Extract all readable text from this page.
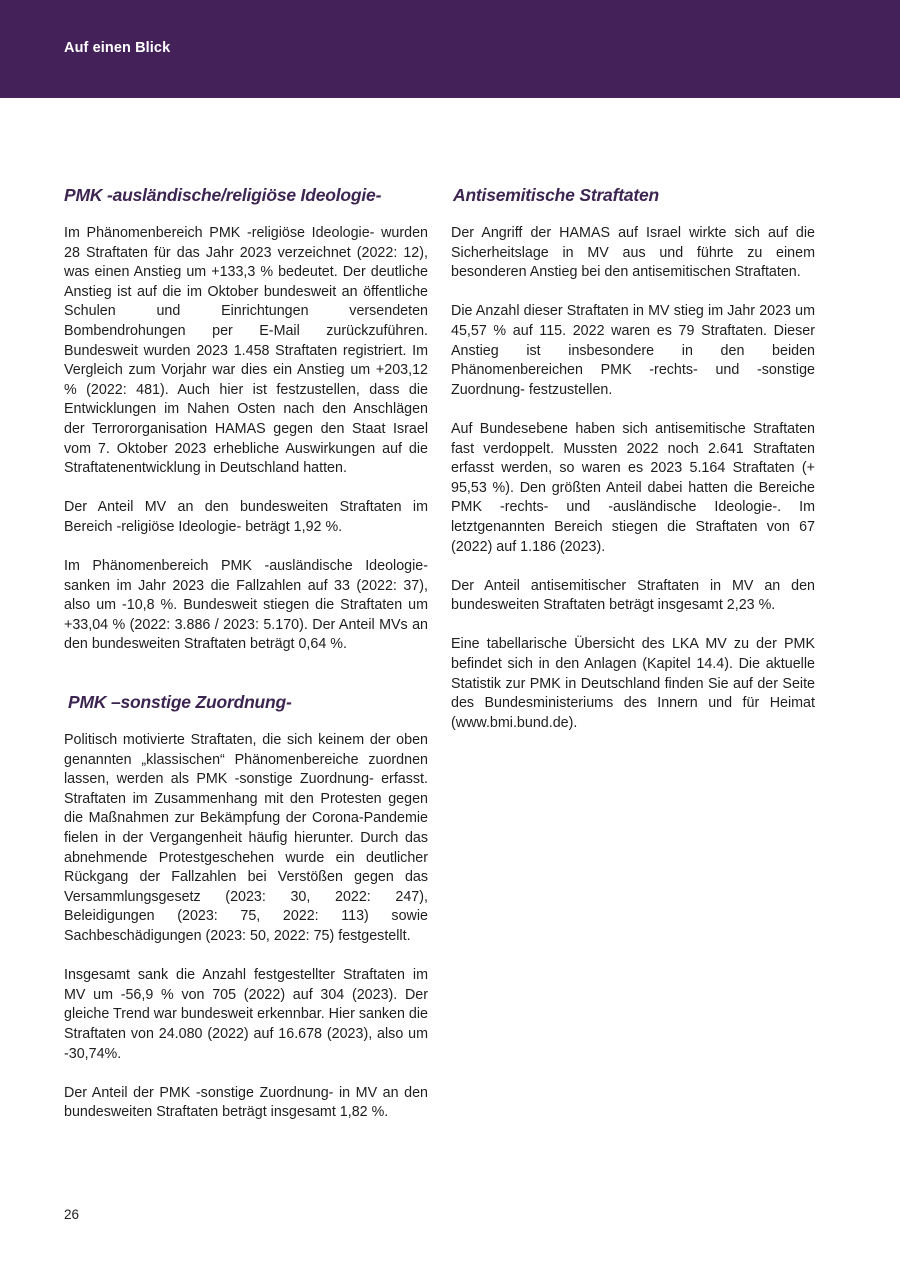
Auf einen Blick
PMK -ausländische/religiöse Ideologie-

Im Phänomenbereich PMK -religiöse Ideologie- wurden 28 Straftaten für das Jahr 2023 verzeichnet (2022: 12), was einen Anstieg um +133,3 % bedeutet. Der deutliche Anstieg ist auf die im Oktober bundesweit an öffentliche Schulen und Einrichtungen versendeten Bombendrohungen per E-Mail zurückzuführen. Bundesweit wurden 2023 1.458 Straftaten registriert. Im Vergleich zum Vorjahr war dies ein Anstieg um +203,12 % (2022: 481). Auch hier ist festzustellen, dass die Entwicklungen im Nahen Osten nach den Anschlägen der Terrororganisation HAMAS gegen den Staat Israel vom 7. Oktober 2023 erhebliche Auswirkungen auf die Straftatenentwicklung in Deutschland hatten.

Der Anteil MV an den bundesweiten Straftaten im Bereich -religiöse Ideologie- beträgt 1,92 %.

Im Phänomenbereich PMK -ausländische Ideologie- sanken im Jahr 2023 die Fallzahlen auf 33 (2022: 37), also um -10,8 %. Bundesweit stiegen die Straftaten um +33,04 % (2022: 3.886 / 2023: 5.170). Der Anteil MVs an den bundesweiten Straftaten beträgt 0,64 %.

PMK –sonstige Zuordnung-

Politisch motivierte Straftaten, die sich keinem der oben genannten „klassischen“ Phänomenbereiche zuordnen lassen, werden als PMK -sonstige Zuordnung- erfasst. Straftaten im Zusammenhang mit den Protesten gegen die Maßnahmen zur Bekämpfung der Corona-Pandemie fielen in der Vergangenheit häufig hierunter. Durch das abnehmende Protestgeschehen wurde ein deutlicher Rückgang der Fallzahlen bei Verstößen gegen das Versammlungsgesetz (2023: 30, 2022: 247), Beleidigungen (2023: 75, 2022: 113) sowie Sachbeschädigungen (2023: 50, 2022: 75) festgestellt.

Insgesamt sank die Anzahl festgestellter Straftaten im MV um -56,9 % von 705 (2022) auf 304 (2023). Der gleiche Trend war bundesweit erkennbar. Hier sanken die Straftaten von 24.080 (2022) auf 16.678 (2023), also um -30,74%.

Der Anteil der PMK -sonstige Zuordnung- in MV an den bundesweiten Straftaten beträgt insgesamt 1,82 %.

Antisemitische Straftaten

Der Angriff der HAMAS auf Israel wirkte sich auf die Sicherheitslage in MV aus und führte zu einem besonderen Anstieg bei den antisemitischen Straftaten.

Die Anzahl dieser Straftaten in MV stieg im Jahr 2023 um 45,57 % auf 115. 2022 waren es 79 Straftaten. Dieser Anstieg ist insbesondere in den beiden Phänomenbereichen PMK -rechts- und -sonstige Zuordnung- festzustellen.

Auf Bundesebene haben sich antisemitische Straftaten fast verdoppelt. Mussten 2022 noch 2.641 Straftaten erfasst werden, so waren es 2023 5.164 Straftaten (+ 95,53 %). Den größten Anteil dabei hatten die Bereiche PMK -rechts- und -ausländische Ideologie-. Im letztgenannten Bereich stiegen die Straftaten von 67 (2022) auf 1.186 (2023).

Der Anteil antisemitischer Straftaten in MV an den bundesweiten Straftaten beträgt insgesamt 2,23 %.

Eine tabellarische Übersicht des LKA MV zu der PMK befindet sich in den Anlagen (Kapitel 14.4). Die aktuelle Statistik zur PMK in Deutschland finden Sie auf der Seite des Bundesministeriums des Innern und für Heimat (www.bmi.bund.de).

26
